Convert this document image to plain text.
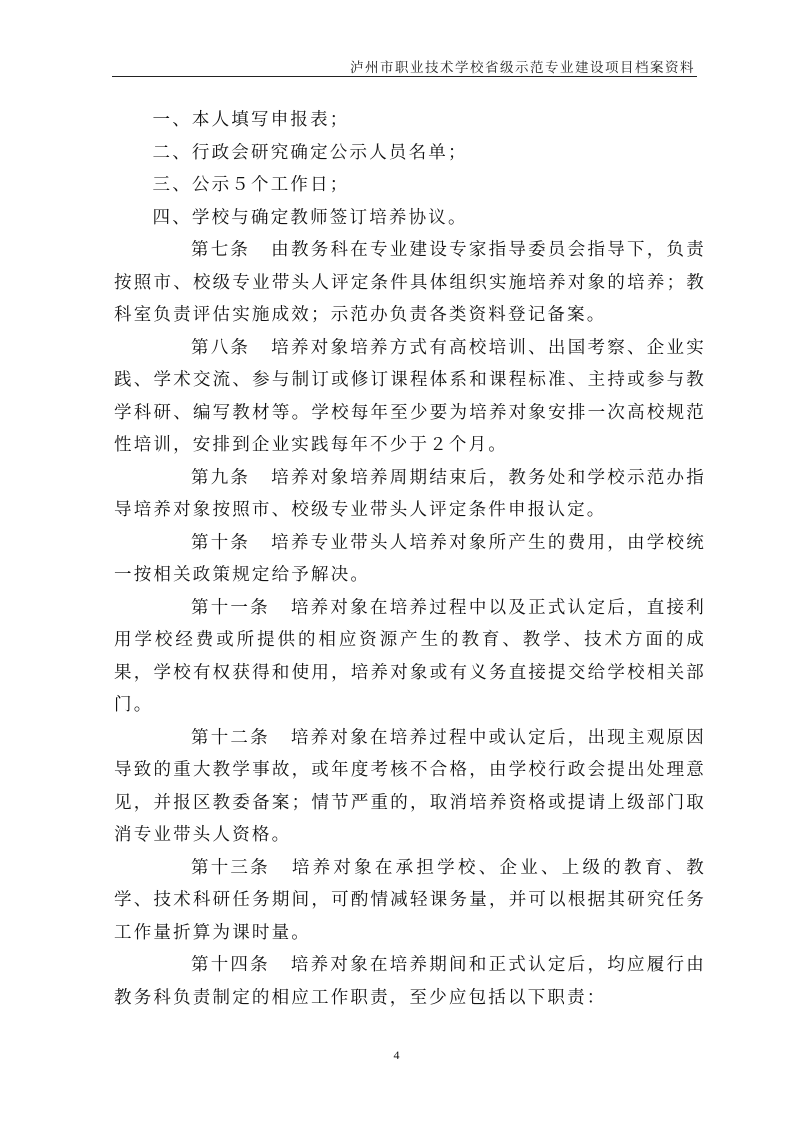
泸州市职业技术学校省级示范专业建设项目档案资料

一、本人填写申报表；

二、行政会研究确定公示人员名单；

三、公示５个工作日；

四、学校与确定教师签订培养协议。

第七条 由教务科在专业建设专家指导委员会指导下，负责按照市、校级专业带头人评定条件具体组织实施培养对象的培养；教科室负责评估实施成效；示范办负责各类资料登记备案。

第八条 培养对象培养方式有高校培训、出国考察、企业实践、学术交流、参与制订或修订课程体系和课程标准、主持或参与教学科研、编写教材等。学校每年至少要为培养对象安排一次高校规范性培训，安排到企业实践每年不少于２个月。

第九条 培养对象培养周期结束后，教务处和学校示范办指导培养对象按照市、校级专业带头人评定条件申报认定。

第十条 培养专业带头人培养对象所产生的费用，由学校统一按相关政策规定给予解决。

第十一条 培养对象在培养过程中以及正式认定后，直接利用学校经费或所提供的相应资源产生的教育、教学、技术方面的成果，学校有权获得和使用，培养对象或有义务直接提交给学校相关部门。

第十二条 培养对象在培养过程中或认定后，出现主观原因导致的重大教学事故，或年度考核不合格，由学校行政会提出处理意见，并报区教委备案；情节严重的，取消培养资格或提请上级部门取消专业带头人资格。

第十三条 培养对象在承担学校、企业、上级的教育、教学、技术科研任务期间，可酌情减轻课务量，并可以根据其研究任务工作量折算为课时量。

第十四条 培养对象在培养期间和正式认定后，均应履行由教务科负责制定的相应工作职责，至少应包括以下职责：

4
